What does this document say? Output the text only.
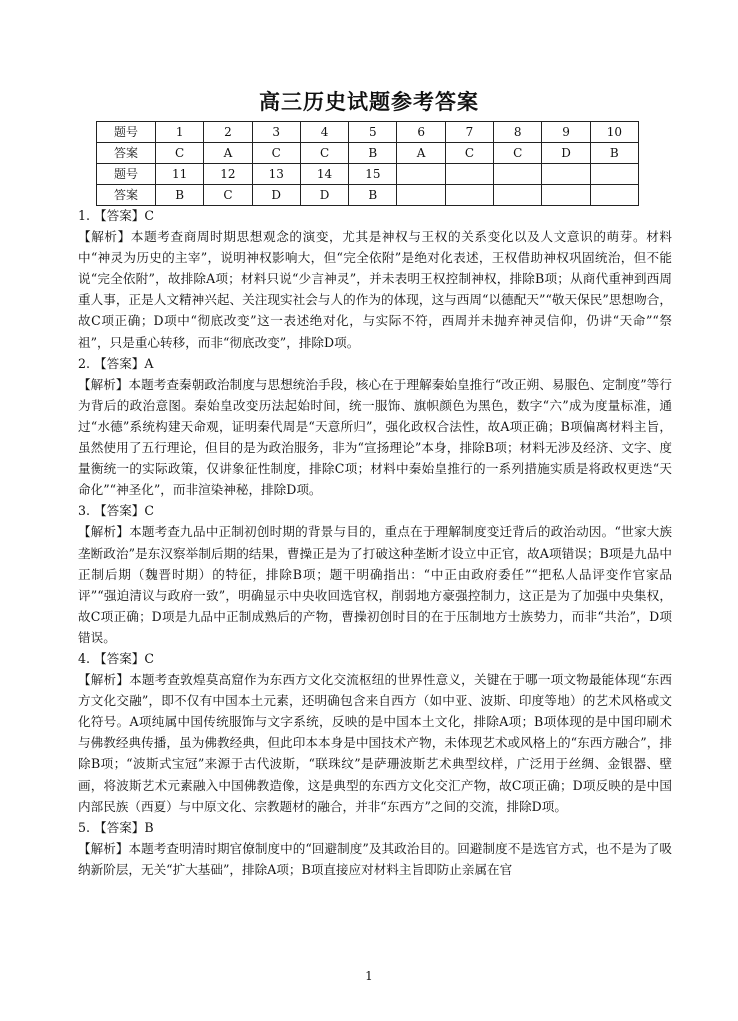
高三历史试题参考答案
题号	1	2	3	4	5	6	7	8	9	10
答案	C	A	C	C	B	A	C	C	D	B
题号	11	12	13	14	15					
答案	B	C	D	D	B					
1. 【答案】C
【解析】本题考查商周时期思想观念的演变，尤其是神权与王权的关系变化以及人文意识的萌芽。材料中“神灵为历史的主宰”，说明神权影响大，但“完全依附”是绝对化表述，王权借助神权巩固统治，但不能说“完全依附”，故排除A项；材料只说“少言神灵”，并未表明王权控制神权，排除B项；从商代重神到西周重人事，正是人文精神兴起、关注现实社会与人的作为的体现，这与西周“以德配天”“敬天保民”思想吻合，故C项正确；D项中“彻底改变”这一表述绝对化，与实际不符，西周并未抛弃神灵信仰，仍讲“天命”“祭祖”，只是重心转移，而非“彻底改变”，排除D项。
2. 【答案】A
【解析】本题考查秦朝政治制度与思想统治手段，核心在于理解秦始皇推行“改正朔、易服色、定制度”等行为背后的政治意图。秦始皇改变历法起始时间，统一服饰、旗帜颜色为黑色，数字“六”成为度量标准，通过“水德”系统构建天命观，证明秦代周是“天意所归”，强化政权合法性，故A项正确；B项偏离材料主旨，虽然使用了五行理论，但目的是为政治服务，非为“宣扬理论”本身，排除B项；材料无涉及经济、文字、度量衡统一的实际政策，仅讲象征性制度，排除C项；材料中秦始皇推行的一系列措施实质是将政权更迭“天命化”“神圣化”，而非渲染神秘，排除D项。
3. 【答案】C
【解析】本题考查九品中正制初创时期的背景与目的，重点在于理解制度变迁背后的政治动因。“世家大族垄断政治”是东汉察举制后期的结果，曹操正是为了打破这种垄断才设立中正官，故A项错误；B项是九品中正制后期（魏晋时期）的特征，排除B项；题干明确指出：“中正由政府委任”“把私人品评变作官家品评”“强迫清议与政府一致”，明确显示中央收回选官权，削弱地方豪强控制力，这正是为了加强中央集权，故C项正确；D项是九品中正制成熟后的产物，曹操初创时目的在于压制地方士族势力，而非“共治”，D项错误。
4. 【答案】C
【解析】本题考查敦煌莫高窟作为东西方文化交流枢纽的世界性意义，关键在于哪一项文物最能体现“东西方文化交融”，即不仅有中国本土元素，还明确包含来自西方（如中亚、波斯、印度等地）的艺术风格或文化符号。A项纯属中国传统服饰与文字系统，反映的是中国本土文化，排除A项；B项体现的是中国印刷术与佛教经典传播，虽为佛教经典，但此印本本身是中国技术产物，未体现艺术或风格上的“东西方融合”，排除B项；“波斯式宝冠”来源于古代波斯，“联珠纹”是萨珊波斯艺术典型纹样，广泛用于丝绸、金银器、壁画，将波斯艺术元素融入中国佛教造像，这是典型的东西方文化交汇产物，故C项正确；D项反映的是中国内部民族（西夏）与中原文化、宗教题材的融合，并非“东西方”之间的交流，排除D项。
5. 【答案】B
【解析】本题考查明清时期官僚制度中的“回避制度”及其政治目的。回避制度不是选官方式，也不是为了吸纳新阶层，无关“扩大基础”，排除A项；B项直接应对材料主旨即防止亲属在官
1
